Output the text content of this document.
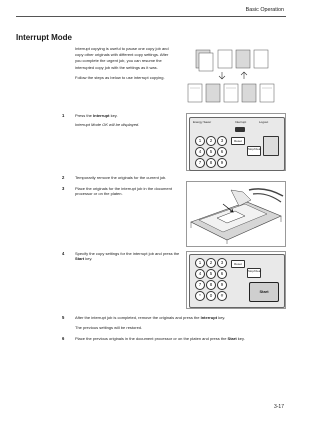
Basic Operation
Interrupt Mode

Interrupt copying is useful to pause one copy job and copy other originals with different copy settings. After you complete the urgent job, you can resume the interrupted copy job with the settings as it was.

Follow the steps as below to use interrupt copying.

1	Press the Interrupt key.
Interrupt Mode OK will be displayed.	Energy Saver	Interrupt	Logout
1	2	3
4	5	6
7	8	9
Reset
Stop/Clear
2	Temporarily remove the originals for the current job.
3	Place the originals for the interrupt job in the document processor or on the platen.
4	Specify the copy settings for the interrupt job and press the Start key.
1	2	3
4	5	6
7	8	9
*	0	#
Reset
Stop/Clear
Start
5	After the interrupt job is completed, remove the originals and press the Interrupt key.
The previous settings will be restored.
6	Place the previous originals in the document processor or on the platen and press the Start key.
3-17
